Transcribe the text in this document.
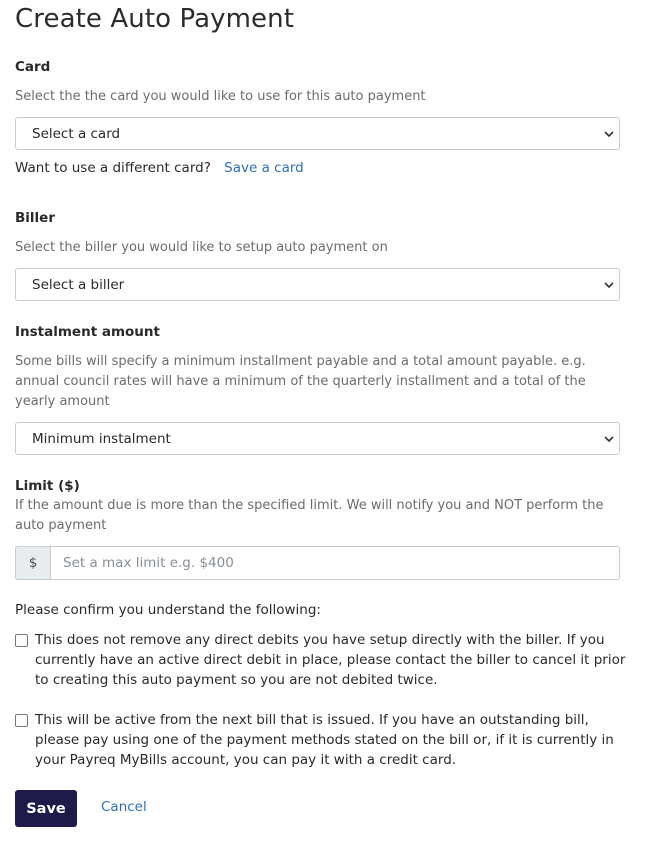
Create Auto Payment
Card
Select the the card you would like to use for this auto payment
Select a card
Want to use a different card? Save a card
Biller
Select the biller you would like to setup auto payment on
Select a biller
Instalment amount
Some bills will specify a minimum installment payable and a total amount payable. e.g. annual council rates will have a minimum of the quarterly installment and a total of the yearly amount
Minimum instalment
Limit ($)
If the amount due is more than the specified limit. We will notify you and NOT perform the auto payment
$
Set a max limit e.g. $400
Please confirm you understand the following:
This does not remove any direct debits you have setup directly with the biller. If you currently have an active direct debit in place, please contact the biller to cancel it prior to creating this auto payment so you are not debited twice.
This will be active from the next bill that is issued. If you have an outstanding bill, please pay using one of the payment methods stated on the bill or, if it is currently in your Payreq MyBills account, you can pay it with a credit card.
Save	Cancel
